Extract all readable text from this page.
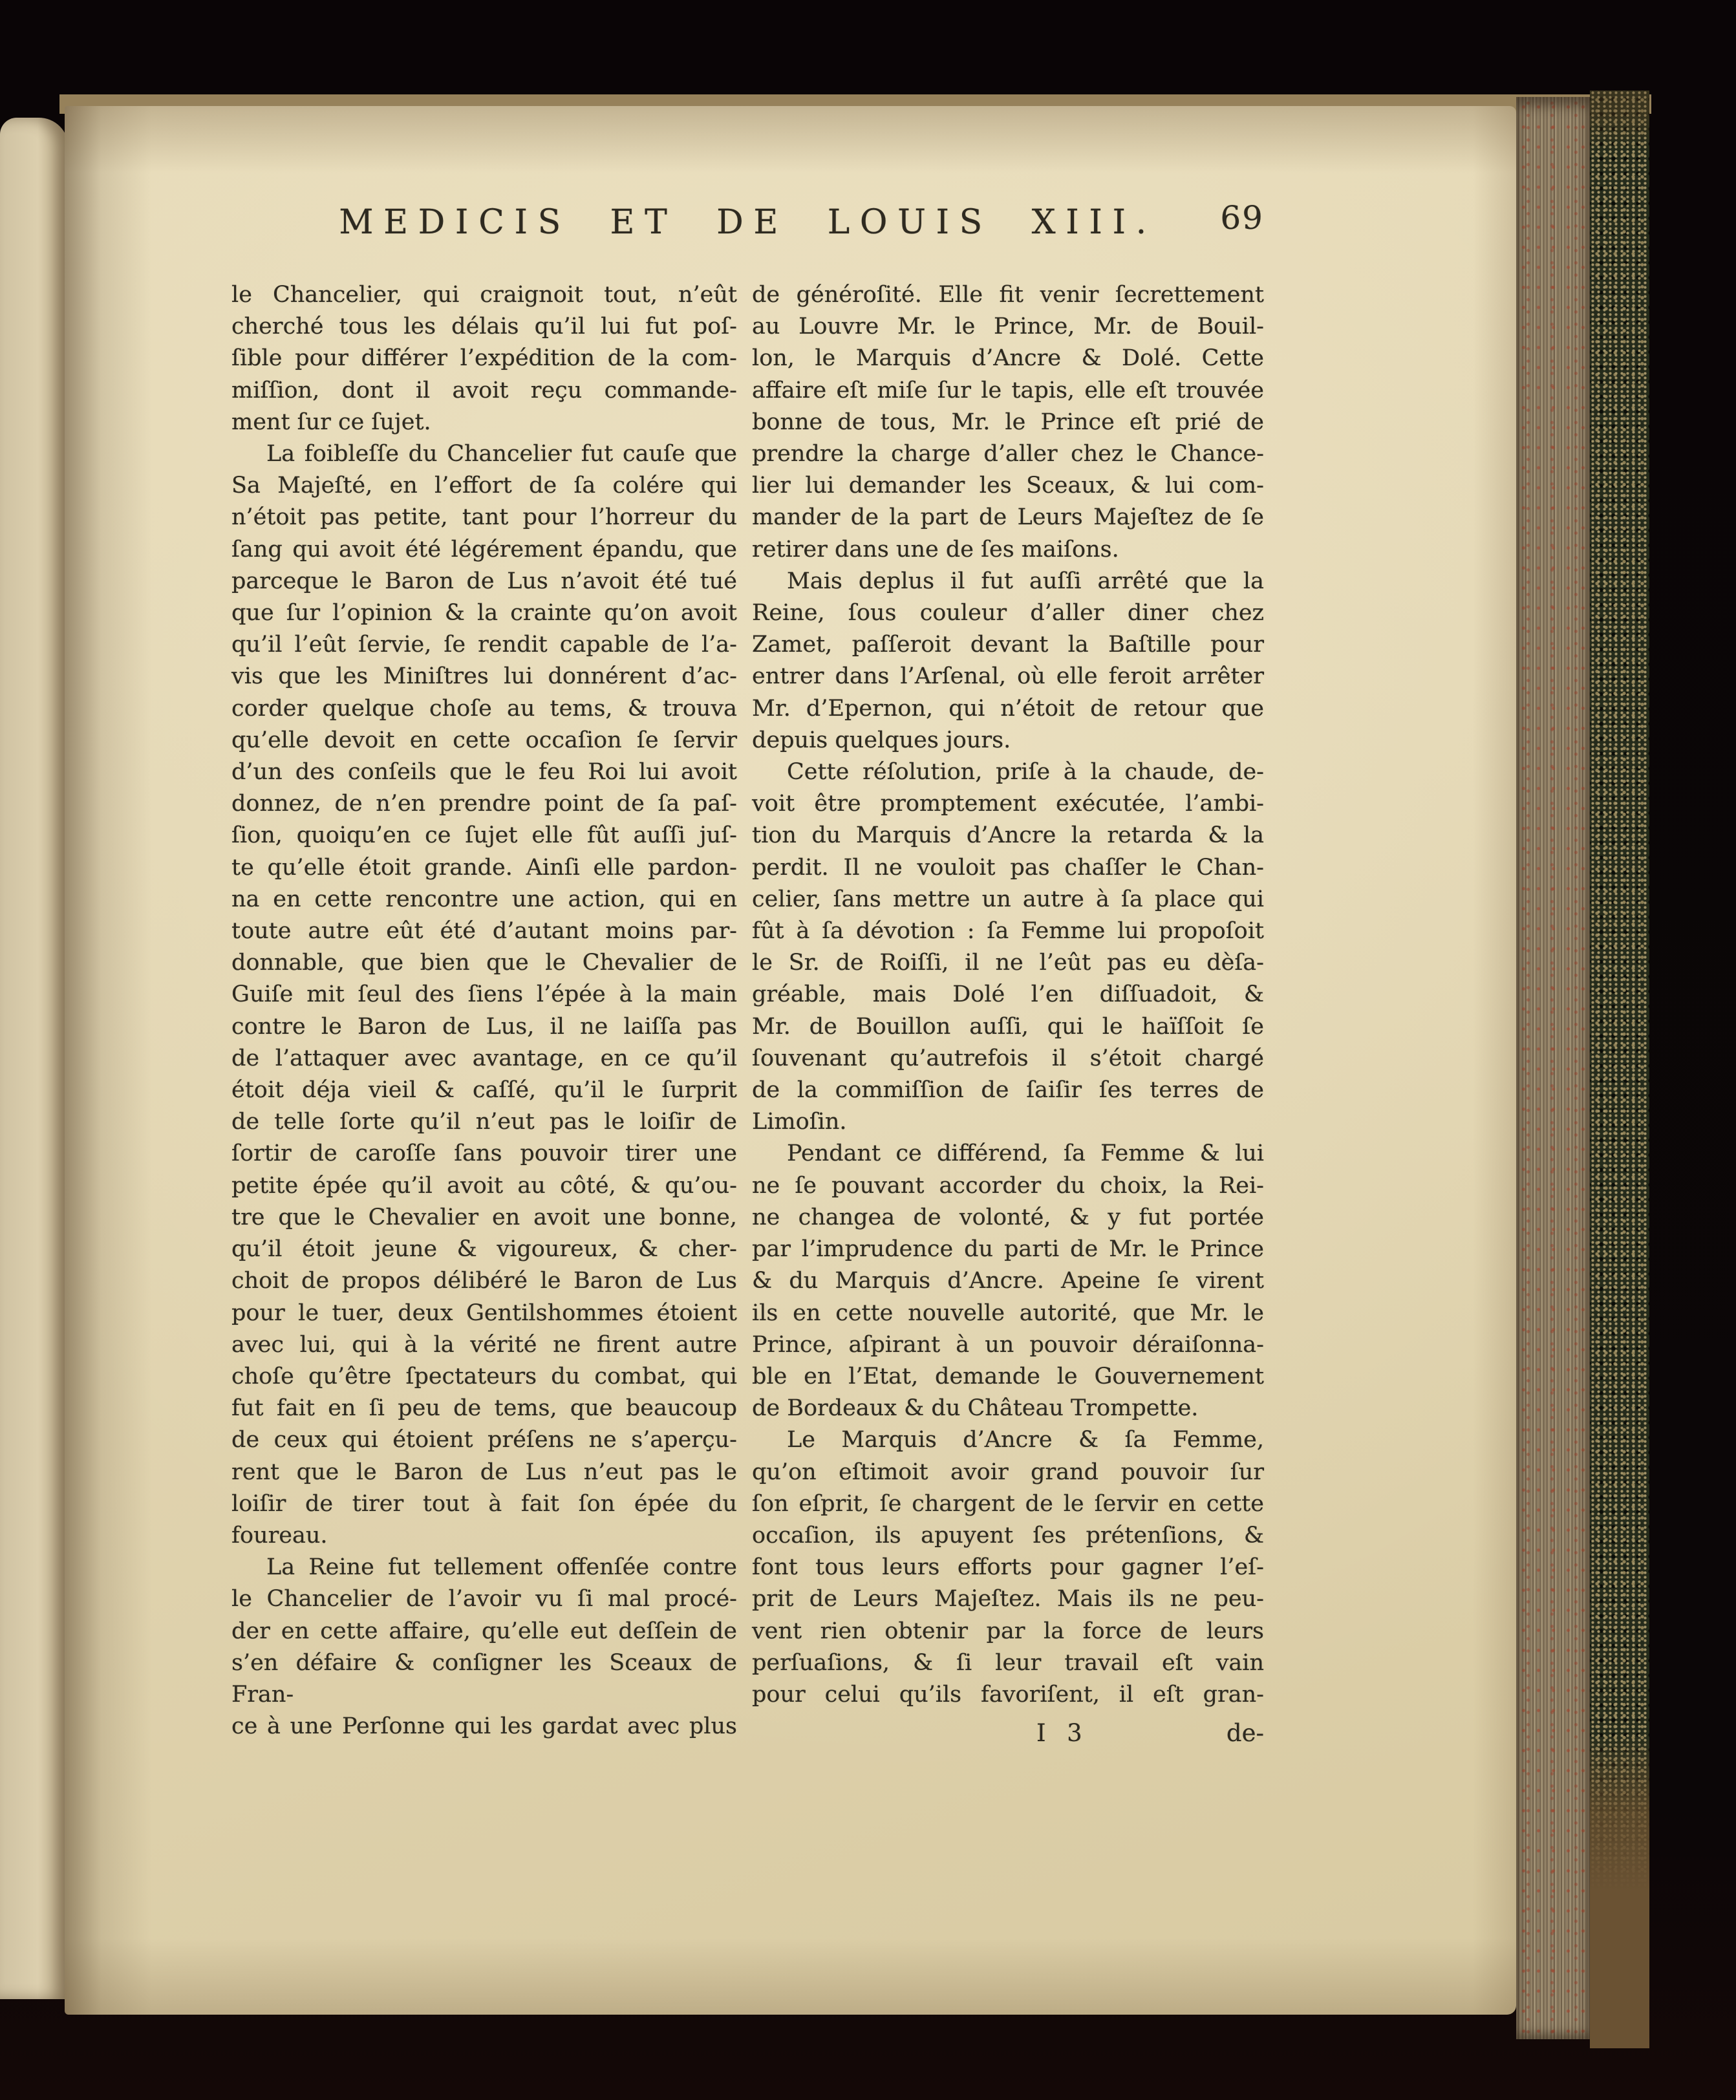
MEDICIS ET DE LOUIS XIII. 69
le Chancelier, qui craignoit tout, n’eût
cherché tous les délais qu’il lui fut poſ-
ſible pour différer l’expédition de la com-
miſſion, dont il avoit reçu commande-
ment ſur ce ſujet.
La foibleſſe du Chancelier fut cauſe que
Sa Majeſté, en l’effort de ſa colére qui
n’étoit pas petite, tant pour l’horreur du
ſang qui avoit été légérement épandu, que
parceque le Baron de Lus n’avoit été tué
que ſur l’opinion & la crainte qu’on avoit
qu’il l’eût ſervie, ſe rendit capable de l’a-
vis que les Miniſtres lui donnérent d’ac-
corder quelque choſe au tems, & trouva
qu’elle devoit en cette occaſion ſe ſervir
d’un des conſeils que le feu Roi lui avoit
donnez, de n’en prendre point de ſa paſ-
ſion, quoiqu’en ce ſujet elle fût auſſi juſ-
te qu’elle étoit grande. Ainſi elle pardon-
na en cette rencontre une action, qui en
toute autre eût été d’autant moins par-
donnable, que bien que le Chevalier de
Guiſe mit ſeul des ſiens l’épée à la main
contre le Baron de Lus, il ne laiſſa pas
de l’attaquer avec avantage, en ce qu’il
étoit déja vieil & caſſé, qu’il le ſurprit
de telle ſorte qu’il n’eut pas le loiſir de
ſortir de caroſſe ſans pouvoir tirer une
petite épée qu’il avoit au côté, & qu’ou-
tre que le Chevalier en avoit une bonne,
qu’il étoit jeune & vigoureux, & cher-
choit de propos délibéré le Baron de Lus
pour le tuer, deux Gentilshommes étoient
avec lui, qui à la vérité ne firent autre
choſe qu’être ſpectateurs du combat, qui
fut fait en ſi peu de tems, que beaucoup
de ceux qui étoient préſens ne s’aperçu-
rent que le Baron de Lus n’eut pas le
loiſir de tirer tout à fait ſon épée du
foureau.
La Reine fut tellement offenſée contre
le Chancelier de l’avoir vu ſi mal procé-
der en cette affaire, qu’elle eut deſſein de
s’en défaire & conſigner les Sceaux de Fran-
ce à une Perſonne qui les gardat avec plus
de généroſité. Elle fit venir ſecrettement
au Louvre Mr. le Prince, Mr. de Bouil-
lon, le Marquis d’Ancre & Dolé. Cette
affaire eſt miſe ſur le tapis, elle eſt trouvée
bonne de tous, Mr. le Prince eſt prié de
prendre la charge d’aller chez le Chance-
lier lui demander les Sceaux, & lui com-
mander de la part de Leurs Majeſtez de ſe
retirer dans une de ſes maiſons.
Mais deplus il fut auſſi arrêté que la
Reine, ſous couleur d’aller diner chez
Zamet, paſſeroit devant la Baſtille pour
entrer dans l’Arſenal, où elle feroit arrêter
Mr. d’Epernon, qui n’étoit de retour que
depuis quelques jours.
Cette réſolution, priſe à la chaude, de-
voit être promptement exécutée, l’ambi-
tion du Marquis d’Ancre la retarda & la
perdit. Il ne vouloit pas chaſſer le Chan-
celier, ſans mettre un autre à ſa place qui
fût à ſa dévotion : ſa Femme lui propoſoit
le Sr. de Roiſſi, il ne l’eût pas eu dèſa-
gréable, mais Dolé l’en diſſuadoit, &
Mr. de Bouillon auſſi, qui le haïſſoit ſe
ſouvenant qu’autrefois il s’étoit chargé
de la commiſſion de ſaiſir ſes terres de
Limoſin.
Pendant ce différend, ſa Femme & lui
ne ſe pouvant accorder du choix, la Rei-
ne changea de volonté, & y fut portée
par l’imprudence du parti de Mr. le Prince
& du Marquis d’Ancre. Apeine ſe virent
ils en cette nouvelle autorité, que Mr. le
Prince, aſpirant à un pouvoir déraiſonna-
ble en l’Etat, demande le Gouvernement
de Bordeaux & du Château Trompette.
Le Marquis d’Ancre & ſa Femme,
qu’on eſtimoit avoir grand pouvoir ſur
ſon eſprit, ſe chargent de le ſervir en cette
occaſion, ils apuyent ſes prétenſions, &
font tous leurs efforts pour gagner l’eſ-
prit de Leurs Majeſtez. Mais ils ne peu-
vent rien obtenir par la force de leurs
perſuaſions, & ſi leur travail eſt vain
pour celui qu’ils favoriſent, il eſt gran-
I 3	de-
